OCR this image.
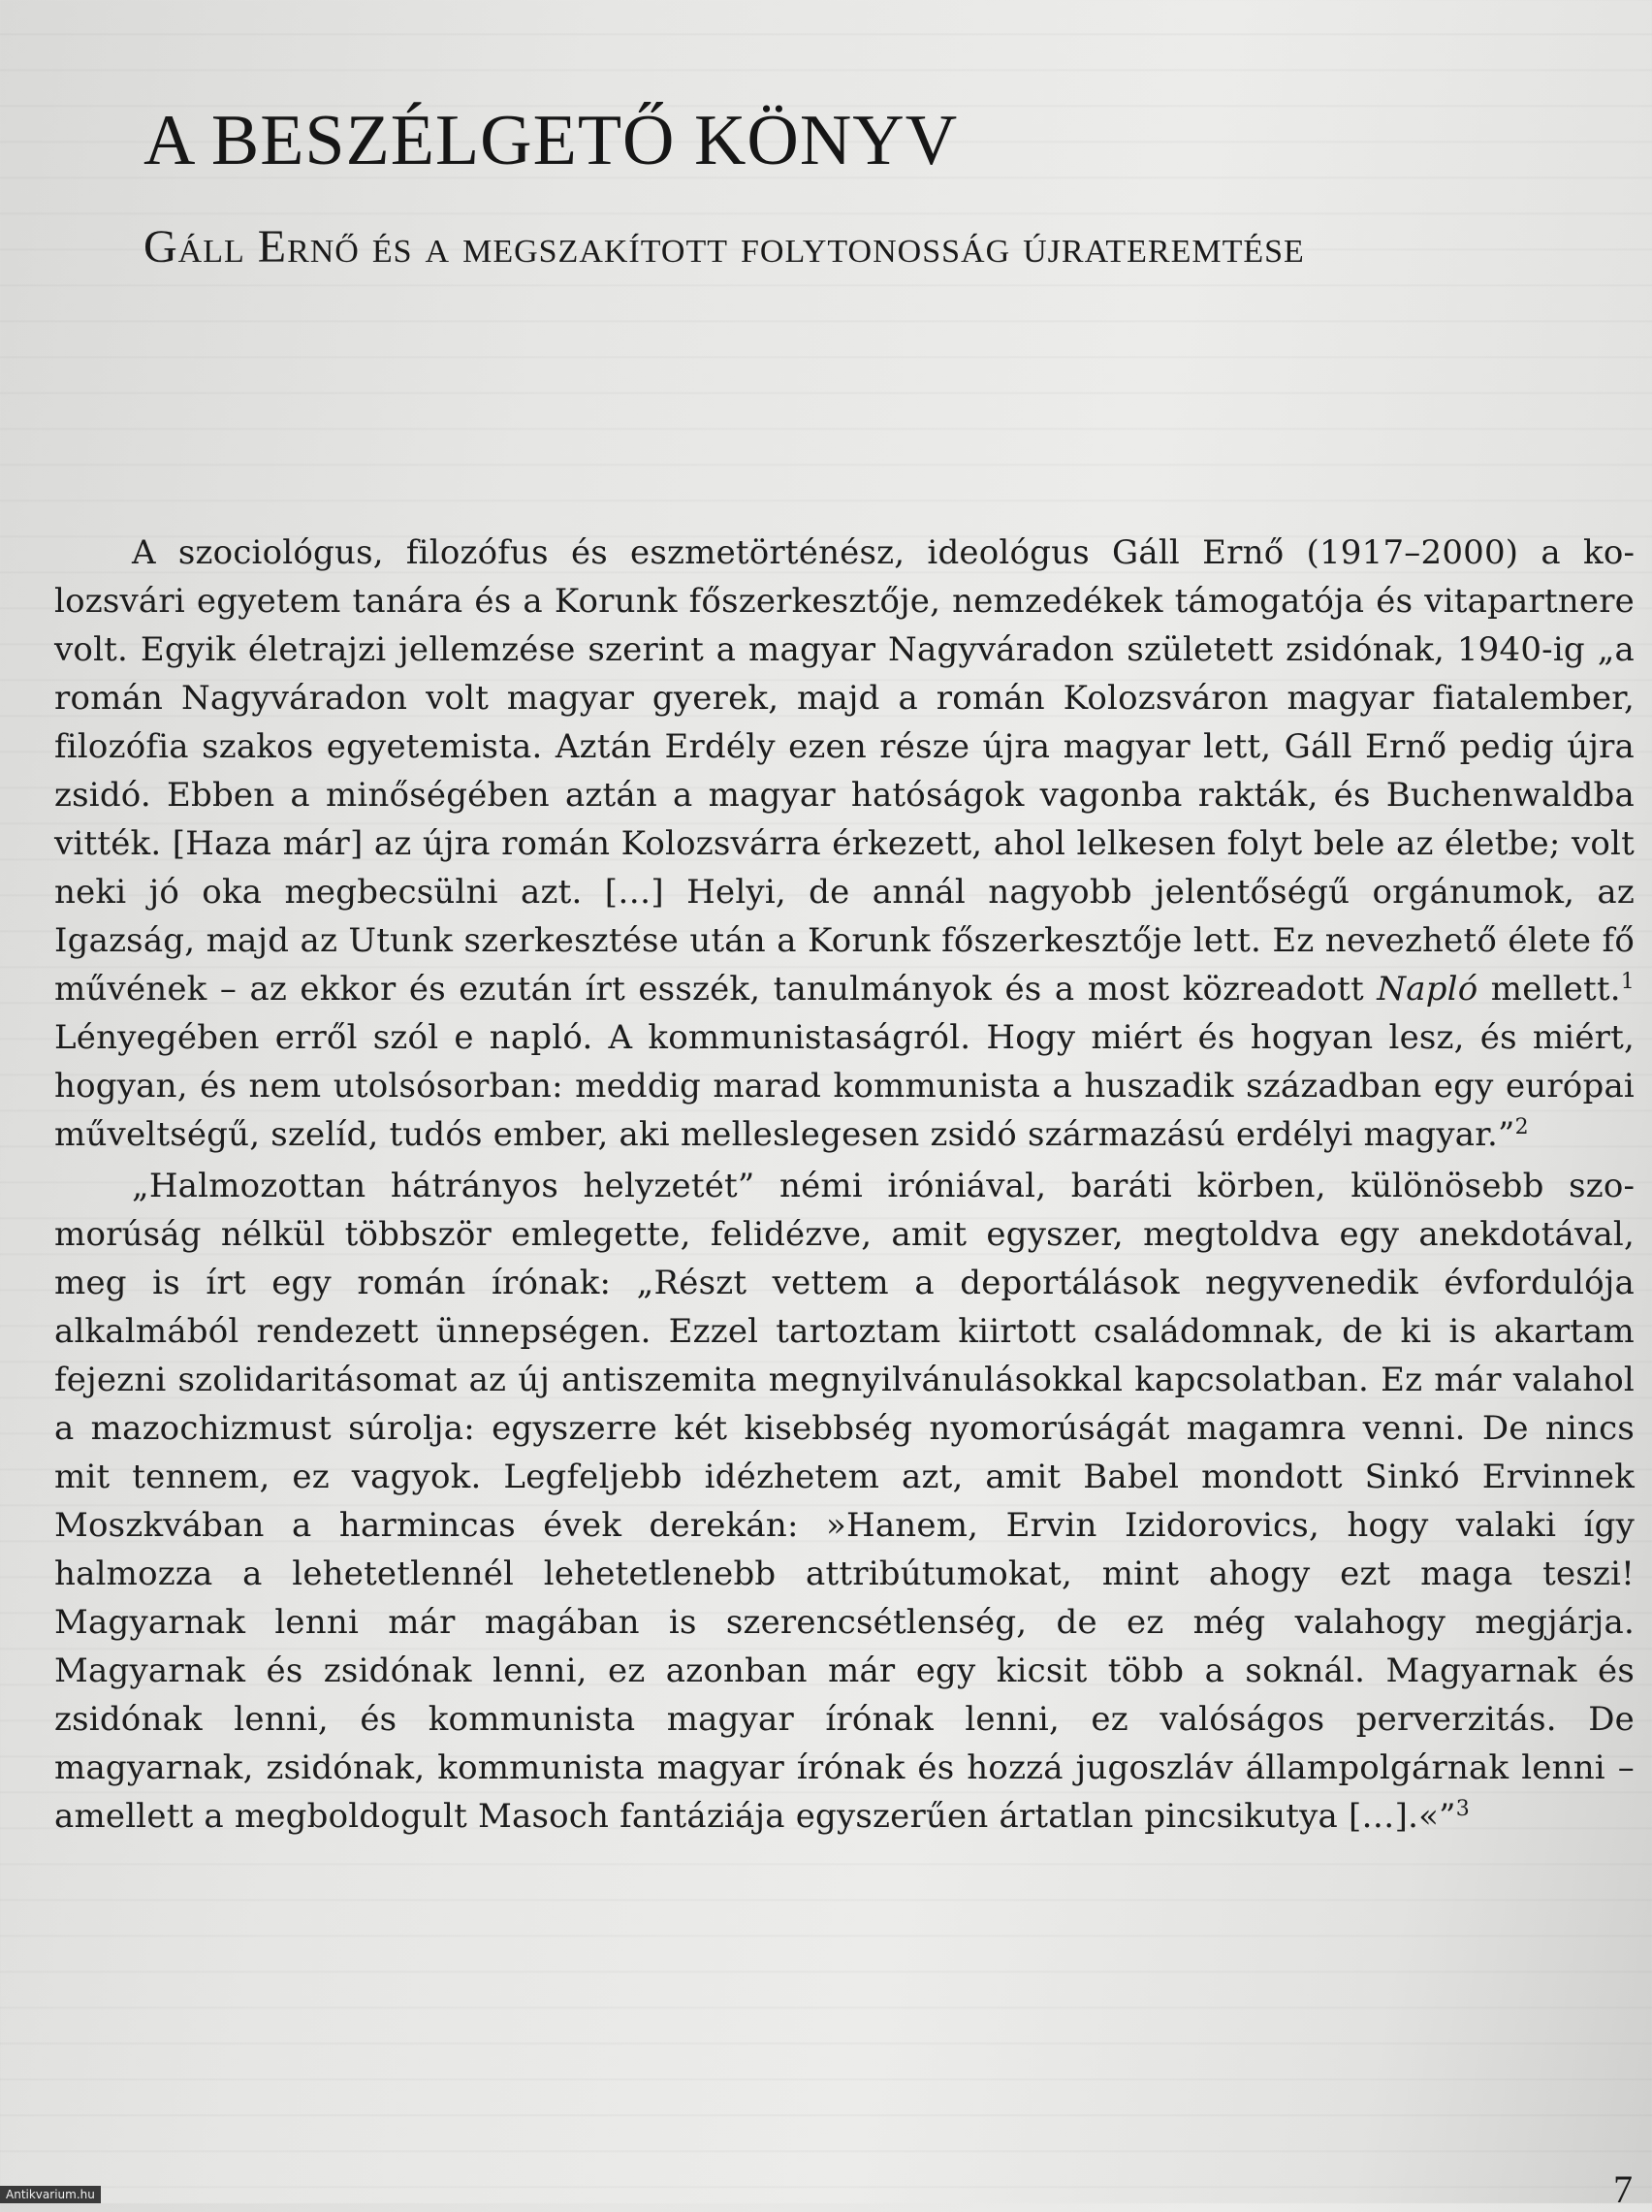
A BESZÉLGETŐ KÖNYV
Gáll Ernő és a megszakított folytonosság újrateremtése

A szociológus, filozófus és eszmetörténész, ideológus Gáll Ernő (1917–2000) a kolozsvári egyetem tanára és a Korunk főszerkesztője, nemzedékek támogatója és vitapartnere volt. Egyik életrajzi jellemzése szerint a magyar Nagyváradon született zsidónak, 1940-ig „a román Nagyváradon volt magyar gyerek, majd a román Kolozsváron magyar fiatalember, filozófia szakos egyetemista. Aztán Erdély ezen része újra magyar lett, Gáll Ernő pedig újra zsidó. Ebben a minőségében aztán a magyar hatóságok vagonba rakták, és Buchenwaldba vitték. [Haza már] az újra román Kolozsvárra érkezett, ahol lelkesen folyt bele az életbe; volt neki jó oka megbecsülni azt. […] Helyi, de annál nagyobb jelentőségű orgánumok, az Igazság, majd az Utunk szerkesztése után a Korunk főszerkesztője lett. Ez nevezhető élete fő művének – az ekkor és ezután írt esszék, tanulmányok és a most közreadott Napló mellett.$^1$ Lényegében erről szól e napló. A kommunistaságról. Hogy miért és hogyan lesz, és miért, hogyan, és nem utolsósorban: meddig marad kommunista a huszadik században egy európai műveltségű, szelíd, tudós ember, aki melleslegesen zsidó származású erdélyi magyar.”$^2$

„Halmozottan hátrányos helyzetét” némi iróniával, baráti körben, különösebb szomorúság nélkül többször emlegette, felidézve, amit egyszer, megtoldva egy anekdotával, meg is írt egy román írónak: „Részt vettem a deportálások negyvenedik évfordulója alkalmából rendezett ünnepségen. Ezzel tartoztam kiirtott családomnak, de ki is akartam fejezni szolidaritásomat az új antiszemita megnyilvánulásokkal kapcsolatban. Ez már valahol a mazochizmust súrolja: egyszerre két kisebbség nyomorúságát magamra venni. De nincs mit tennem, ez vagyok. Legfeljebb idézhetem azt, amit Babel mondott Sinkó Ervinnek Moszkvában a harmincas évek derekán: »Hanem, Ervin Izidorovics, hogy valaki így halmozza a lehetetlennél lehetetlenebb attribútumokat, mint ahogy ezt maga teszi! Magyarnak lenni már magában is szerencsétlenség, de ez még valahogy megjárja. Magyarnak és zsidónak lenni, ez azonban már egy kicsit több a soknál. Magyarnak és zsidónak lenni, és kommunista magyar írónak lenni, ez valóságos perverzitás. De magyarnak, zsidónak, kommunista magyar írónak és hozzá jugoszláv állampolgárnak lenni – amellett a megboldogult Masoch fantáziája egyszerűen ártatlan pincsikutya […].«”$^3$

Antikvarium.hu	7
